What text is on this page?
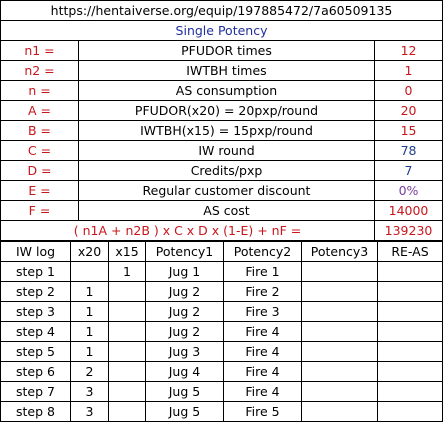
https://hentaiverse.org/equip/197885472/7a60509135		
Single Potency		
n1 =	PFUDOR times	12
n2 =	IWTBH times	1
n =	AS consumption	0
A =	PFUDOR(x20) = 20pxp/round	20
B =	IWTBH(x15) = 15pxp/round	15
C =	IW round	78
D =	Credits/pxp	7
E =	Regular customer discount	0%
F =	AS cost	14000
( n1A + n2B ) x C x D x (1-E) + nF =		139230
IW log	x20	x15	Potency1	Potency2	Potency3	RE-AS
step 1		1	Jug 1	Fire 1		
step 2	1		Jug 2	Fire 2		
step 3	1		Jug 2	Fire 3		
step 4	1		Jug 2	Fire 4		
step 5	1		Jug 3	Fire 4		
step 6	2		Jug 4	Fire 4		
step 7	3		Jug 5	Fire 4		
step 8	3		Jug 5	Fire 5		
